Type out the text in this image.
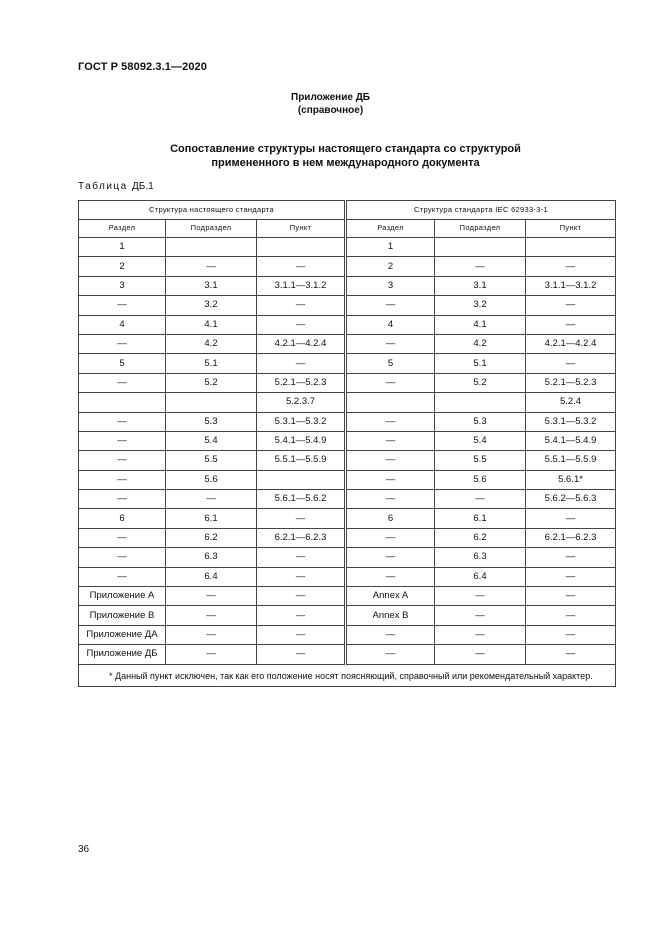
ГОСТ Р 58092.3.1—2020
Приложение ДБ
(справочное)
Сопоставление структуры настоящего стандарта со структурой
примененного в нем международного документа
Таблица ДБ.1
Структура настоящего стандарта			Структура стандарта IEC 62933-3-1		
Раздел	Подраздел	Пункт	Раздел	Подраздел	Пункт
1			1		
2	—	—	2	—	—
3	3.1	3.1.1—3.1.2	3	3.1	3.1.1—3.1.2
—	3.2	—	—	3.2	—
4	4.1	—	4	4.1	—
—	4.2	4.2.1—4.2.4	—	4.2	4.2.1—4.2.4
5	5.1	—	5	5.1	—
—	5.2	5.2.1—5.2.3	—	5.2	5.2.1—5.2.3
		5.2.3.7			5.2.4
—	5.3	5.3.1—5.3.2	—	5.3	5.3.1—5.3.2
—	5.4	5.4.1—5.4.9	—	5.4	5.4.1—5.4.9
—	5.5	5.5.1—5.5.9	—	5.5	5.5.1—5.5.9
—	5.6		—	5.6	5.6.1*
—	—	5.6.1—5.6.2	—	—	5.6.2—5.6.3
6	6.1	—	6	6.1	—
—	6.2	6.2.1—6.2.3	—	6.2	6.2.1—6.2.3
—	6.3	—	—	6.3	—
—	6.4	—	—	6.4	—
Приложение А	—	—	Annex A	—	—
Приложение В	—	—	Annex B	—	—
Приложение ДА	—	—	—	—	—
Приложение ДБ	—	—	—	—	—
* Данный пункт исключен, так как его положение носят поясняющий, справочный или рекомендательный характер.					
36
